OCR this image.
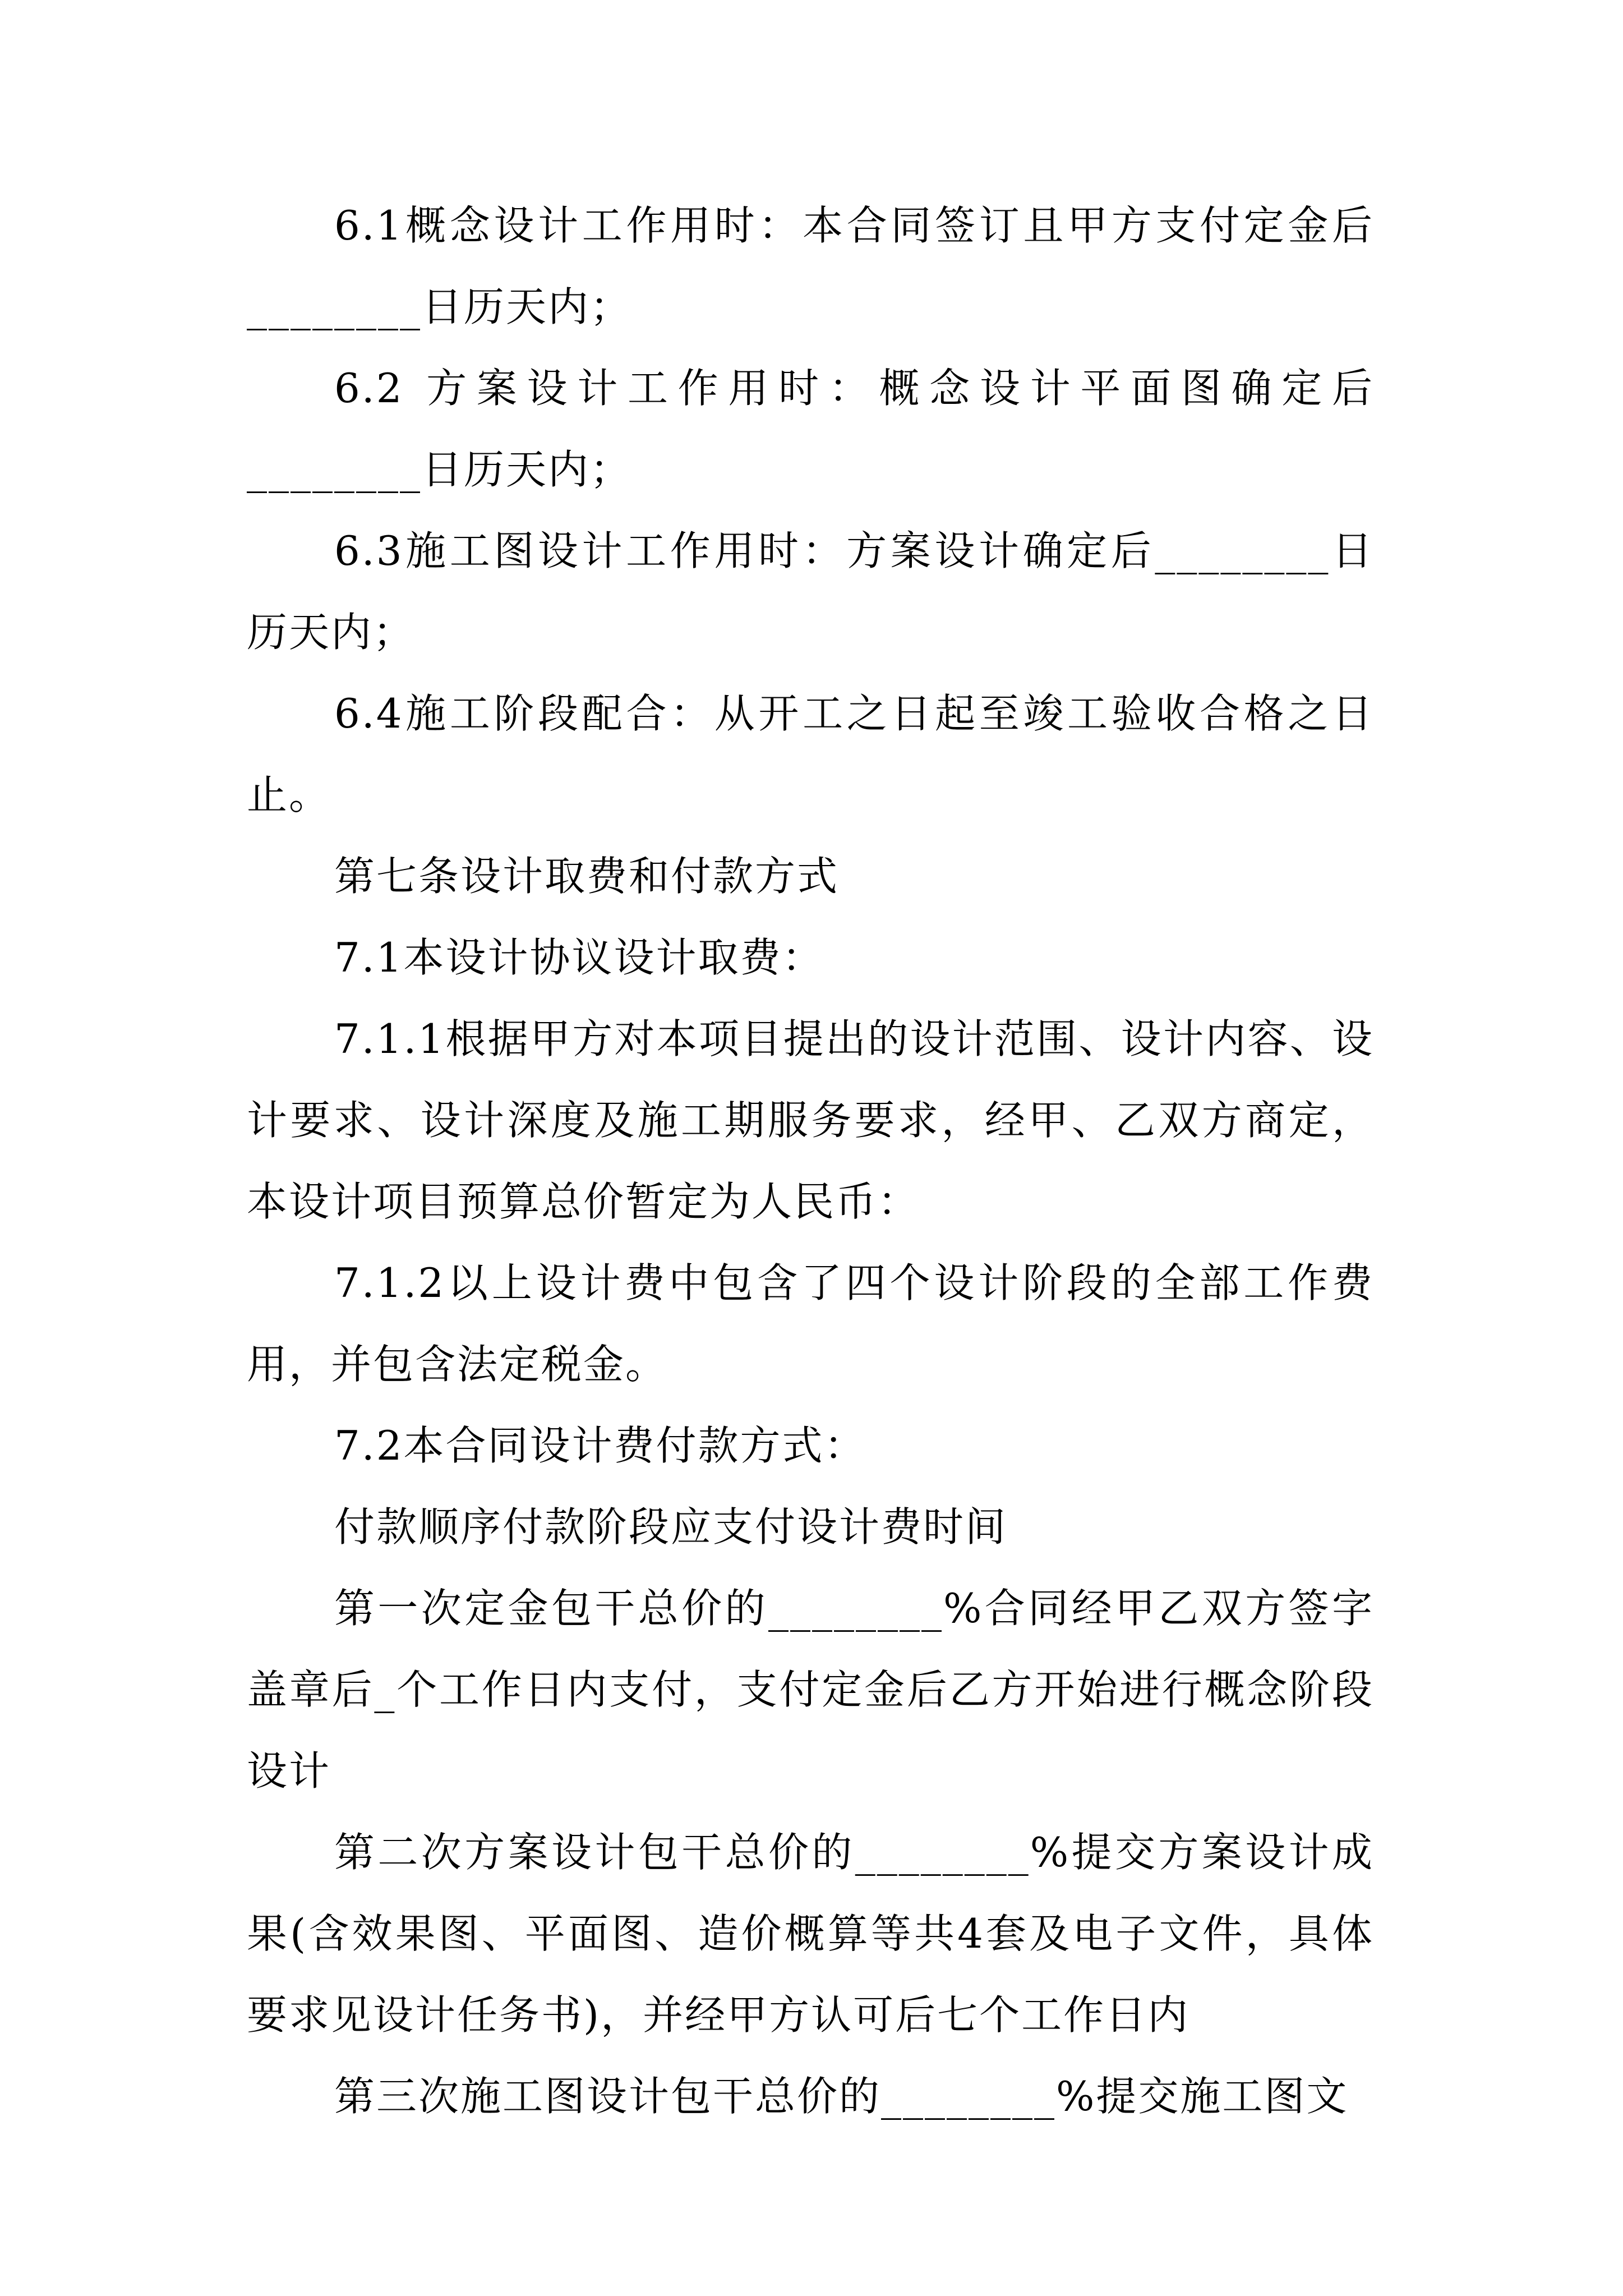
6.1概念设计工作用时：本合同签订且甲方支付定金后________日历天内；

6.2 方案设计工作用时：概念设计平面图确定后________日历天内；

6.3施工图设计工作用时：方案设计确定后________日历天内；

6.4施工阶段配合：从开工之日起至竣工验收合格之日止。

第七条设计取费和付款方式

7.1本设计协议设计取费：

7.1.1根据甲方对本项目提出的设计范围、设计内容、设计要求、设计深度及施工期服务要求，经甲、乙双方商定，本设计项目预算总价暂定为人民币：

7.1.2以上设计费中包含了四个设计阶段的全部工作费用，并包含法定税金。

7.2本合同设计费付款方式：

付款顺序付款阶段应支付设计费时间

第一次定金包干总价的________%合同经甲乙双方签字盖章后_个工作日内支付，支付定金后乙方开始进行概念阶段设计

第二次方案设计包干总价的________%提交方案设计成果(含效果图、平面图、造价概算等共4套及电子文件，具体要求见设计任务书)，并经甲方认可后七个工作日内

第三次施工图设计包干总价的________%提交施工图文
